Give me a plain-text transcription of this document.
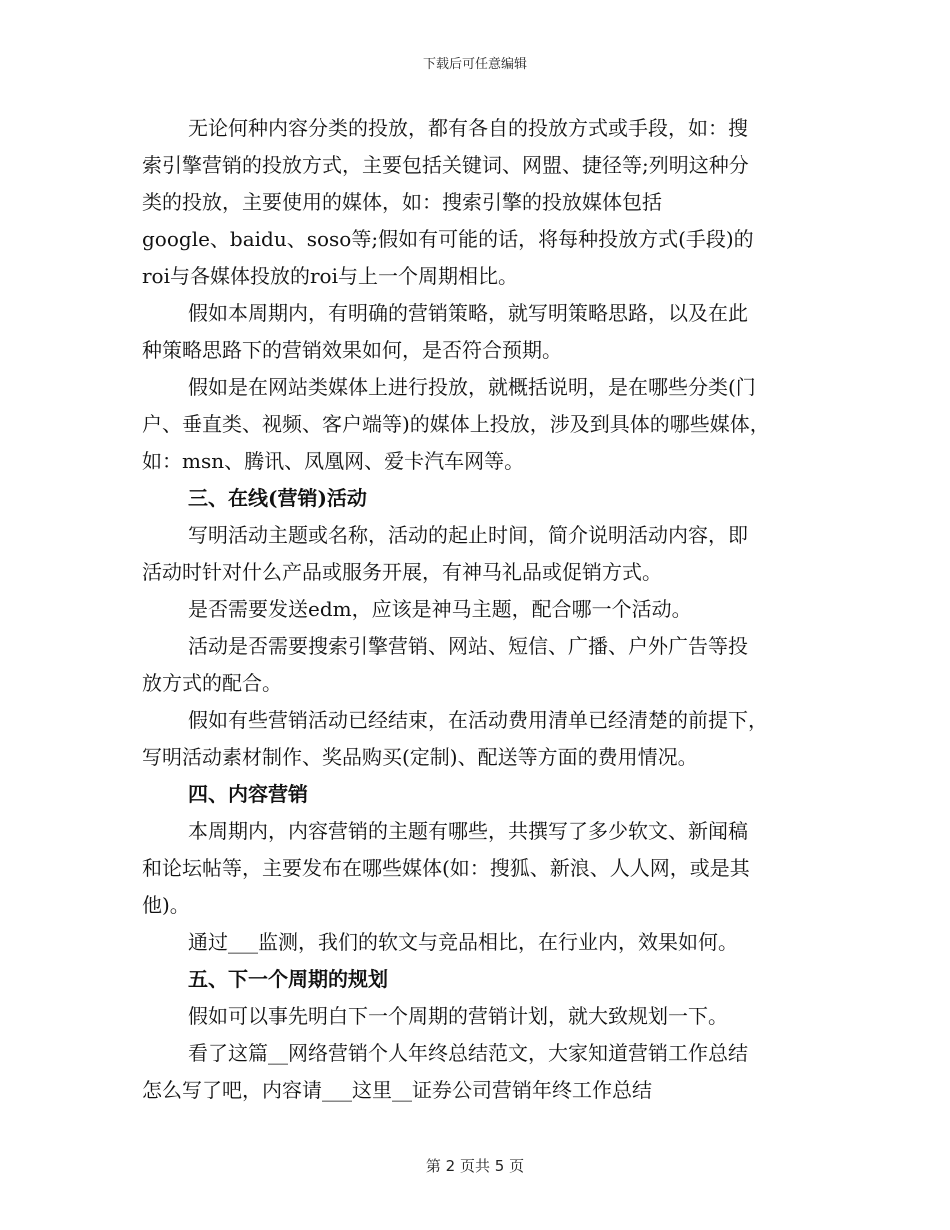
下载后可任意编辑
无论何种内容分类的投放，都有各自的投放方式或手段，如：搜
索引擎营销的投放方式，主要包括关键词、网盟、捷径等;列明这种分
类的投放，主要使用的媒体，如：搜索引擎的投放媒体包括
google、baidu、soso等;假如有可能的话，将每种投放方式(手段)的
roi与各媒体投放的roi与上一个周期相比。
假如本周期内，有明确的营销策略，就写明策略思路，以及在此
种策略思路下的营销效果如何，是否符合预期。
假如是在网站类媒体上进行投放，就概括说明，是在哪些分类(门
户、垂直类、视频、客户端等)的媒体上投放，涉及到具体的哪些媒体，
如：msn、腾讯、凤凰网、爱卡汽车网等。
三、在线(营销)活动
写明活动主题或名称，活动的起止时间，简介说明活动内容，即
活动时针对什么产品或服务开展，有神马礼品或促销方式。
是否需要发送edm，应该是神马主题，配合哪一个活动。
活动是否需要搜索引擎营销、网站、短信、广播、户外广告等投
放方式的配合。
假如有些营销活动已经结束，在活动费用清单已经清楚的前提下，
写明活动素材制作、奖品购买(定制)、配送等方面的费用情况。
四、内容营销
本周期内，内容营销的主题有哪些，共撰写了多少软文、新闻稿
和论坛帖等，主要发布在哪些媒体(如：搜狐、新浪、人人网，或是其
他)。
通过___监测，我们的软文与竞品相比，在行业内，效果如何。
五、下一个周期的规划
假如可以事先明白下一个周期的营销计划，就大致规划一下。
看了这篇__网络营销个人年终总结范文，大家知道营销工作总结
怎么写了吧，内容请___这里__证券公司营销年终工作总结
第 2 页共 5 页
